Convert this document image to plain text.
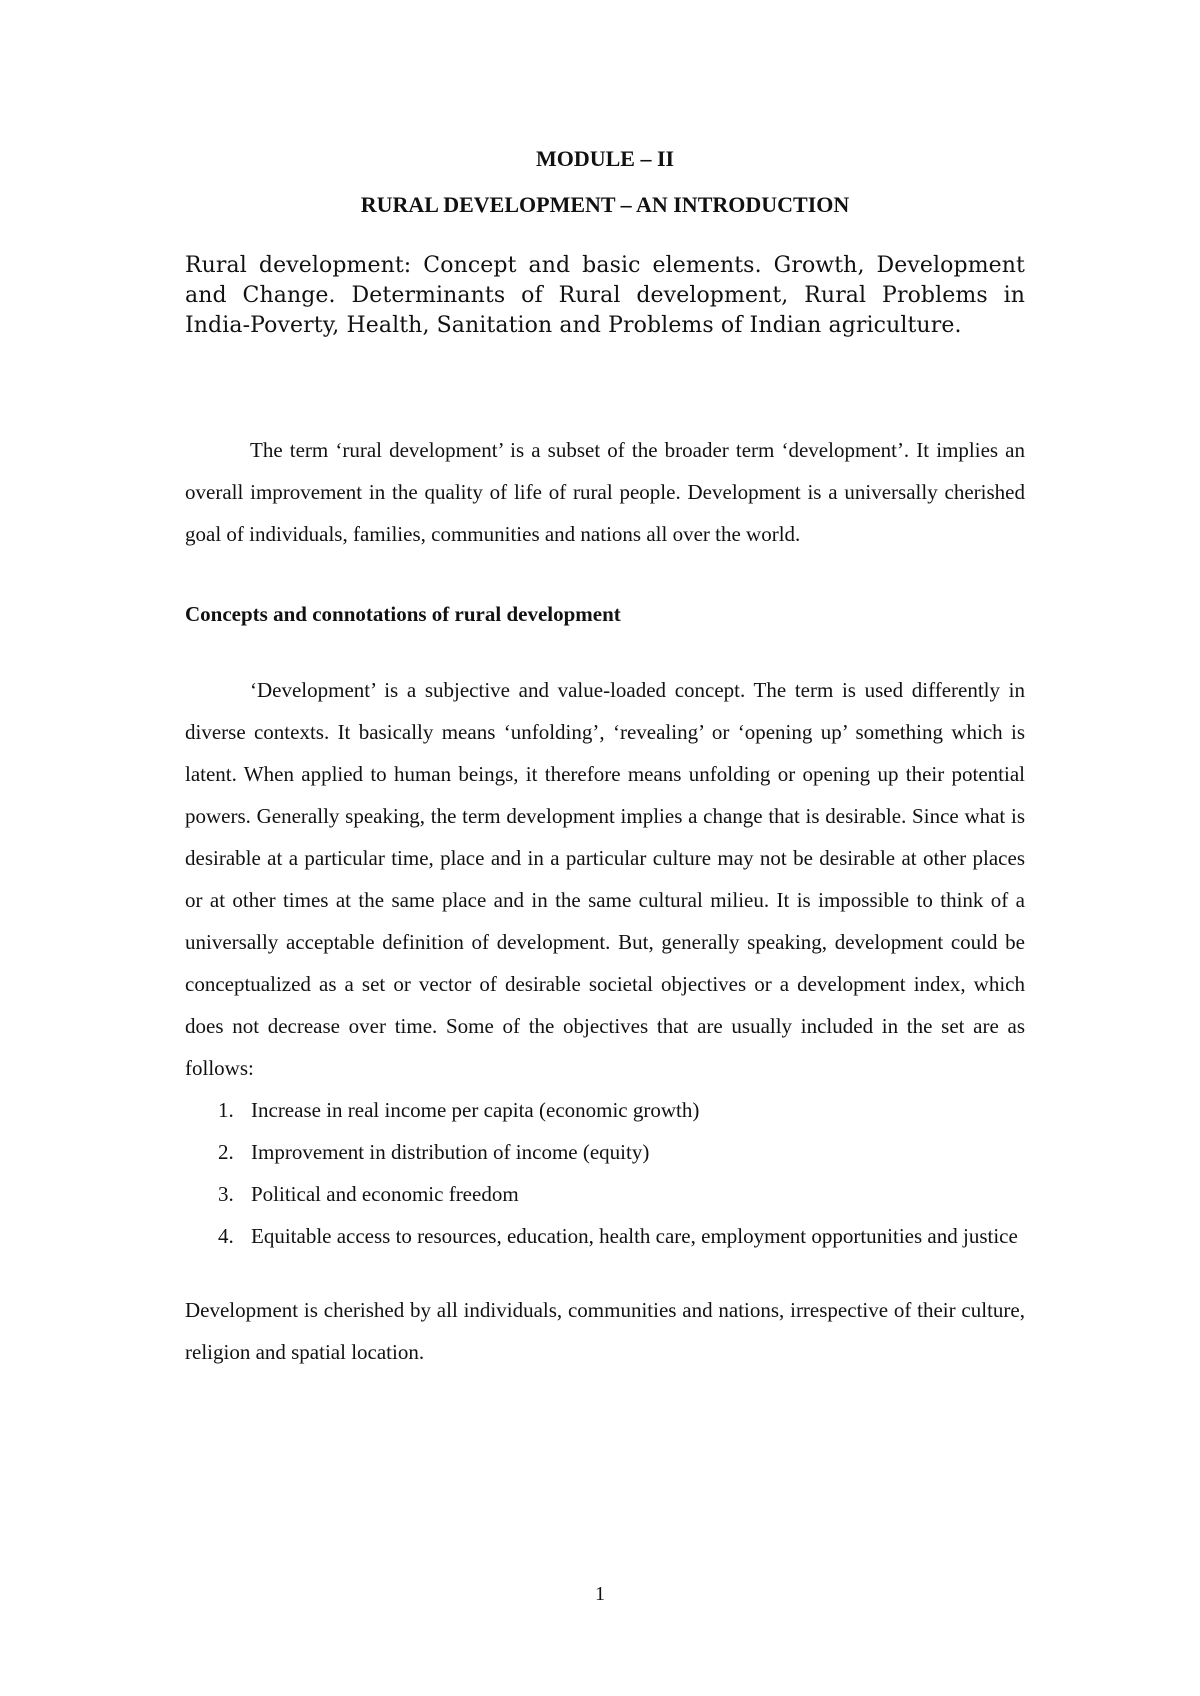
MODULE – II
RURAL DEVELOPMENT – AN INTRODUCTION

Rural development: Concept and basic elements. Growth, Development and Change. Determinants of Rural development, Rural Problems in India-Poverty, Health, Sanitation and Problems of Indian agriculture.

The term ‘rural development’ is a subset of the broader term ‘development’. It implies an overall improvement in the quality of life of rural people. Development is a universally cherished goal of individuals, families, communities and nations all over the world.

Concepts and connotations of rural development

‘Development’ is a subjective and value-loaded concept. The term is used differently in diverse contexts. It basically means ‘unfolding’, ‘revealing’ or ‘opening up’ something which is latent. When applied to human beings, it therefore means unfolding or opening up their potential powers. Generally speaking, the term development implies a change that is desirable. Since what is desirable at a particular time, place and in a particular culture may not be desirable at other places or at other times at the same place and in the same cultural milieu. It is impossible to think of a universally acceptable definition of development. But, generally speaking, development could be conceptualized as a set or vector of desirable societal objectives or a development index, which does not decrease over time. Some of the objectives that are usually included in the set are as follows:

1. Increase in real income per capita (economic growth)
2. Improvement in distribution of income (equity)
3. Political and economic freedom
4. Equitable access to resources, education, health care, employment opportunities and justice

Development is cherished by all individuals, communities and nations, irrespective of their culture, religion and spatial location.

1
